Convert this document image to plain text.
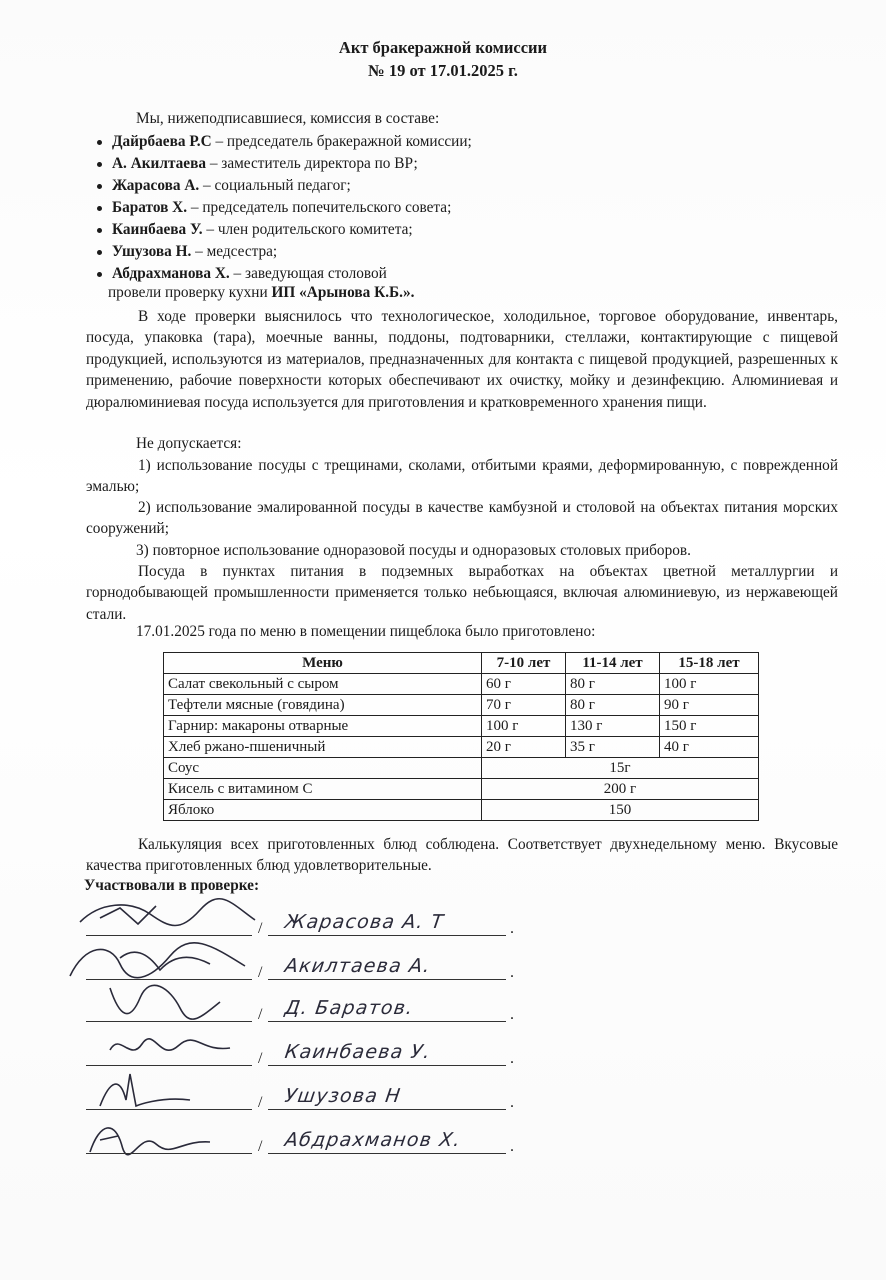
Акт бракеражной комиссии
№ 19 от 17.01.2025 г.
Мы, нижеподписавшиеся, комиссия в составе:
Дайрбаева Р.С – председатель бракеражной комиссии;
А. Акилтаева – заместитель директора по ВР;
Жарасова А. – социальный педагог;
Баратов Х. – председатель попечительского совета;
Каинбаева У. – член родительского комитета;
Ушузова Н. – медсестра;
Абдрахманова Х. – заведующая столовой
провели проверку кухни ИП «Арынова К.Б.».
В ходе проверки выяснилось что технологическое, холодильное, торговое оборудование, инвентарь, посуда, упаковка (тара), моечные ванны, поддоны, подтоварники, стеллажи, контактирующие с пищевой продукцией, используются из материалов, предназначенных для контакта с пищевой продукцией, разрешенных к применению, рабочие поверхности которых обеспечивают их очистку, мойку и дезинфекцию. Алюминиевая и дюралюминиевая посуда используется для приготовления и кратковременного хранения пищи.
Не допускается:
1) использование посуды с трещинами, сколами, отбитыми краями, деформированную, с поврежденной эмалью;
2) использование эмалированной посуды в качестве камбузной и столовой на объектах питания морских сооружений;
3) повторное использование одноразовой посуды и одноразовых столовых приборов.
Посуда в пунктах питания в подземных выработках на объектах цветной металлургии и горнодобывающей промышленности применяется только небьющаяся, включая алюминиевую, из нержавеющей стали.
17.01.2025 года по меню в помещении пищеблока было приготовлено:
Меню	7-10 лет	11-14 лет	15-18 лет
Салат свекольный с сыром	60 г	80 г	100 г
Тефтели мясные (говядина)	70 г	80 г	90 г
Гарнир: макароны отварные	100 г	130 г	150 г
Хлеб ржано-пшеничный	20 г	35 г	40 г
Соус	15г		
Кисель с витамином С	200 г		
Яблоко	150		
Калькуляция всех приготовленных блюд соблюдена. Соответствует двухнедельному меню. Вкусовые качества приготовленных блюд удовлетворительные.
Участвовали в проверке:
/ Жарасова А. Т	.
/ Акилтаева А.	.
/ Д. Баратов.	.
/ Каинбаева У.	.
/ Ушузова Н	.
/ Абдрахманов Х.	.
